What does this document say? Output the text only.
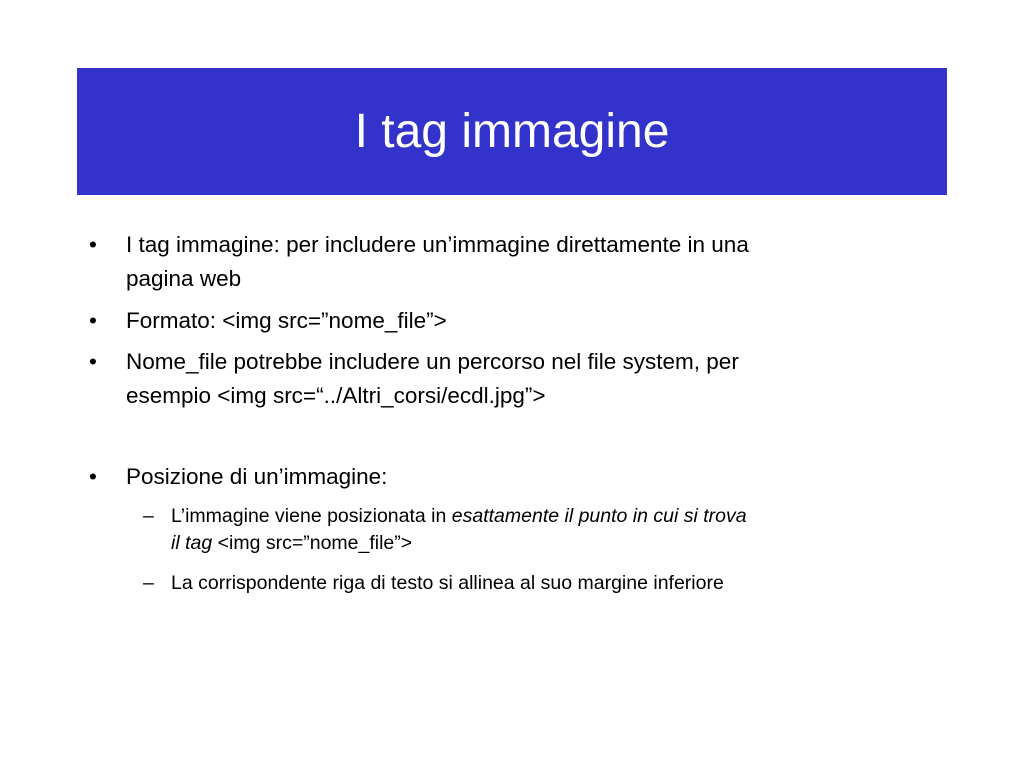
I tag immagine
• I tag immagine: per includere un’immagine direttamente in una
pagina web
• Formato: <img src=”nome_file”>
• Nome_file potrebbe includere un percorso nel file system, per
esempio <img src=“../Altri_corsi/ecdl.jpg”>
• Posizione di un’immagine:
– L’immagine viene posizionata in esattamente il punto in cui si trova
il tag <img src=”nome_file”>
– La corrispondente riga di testo si allinea al suo margine inferiore
